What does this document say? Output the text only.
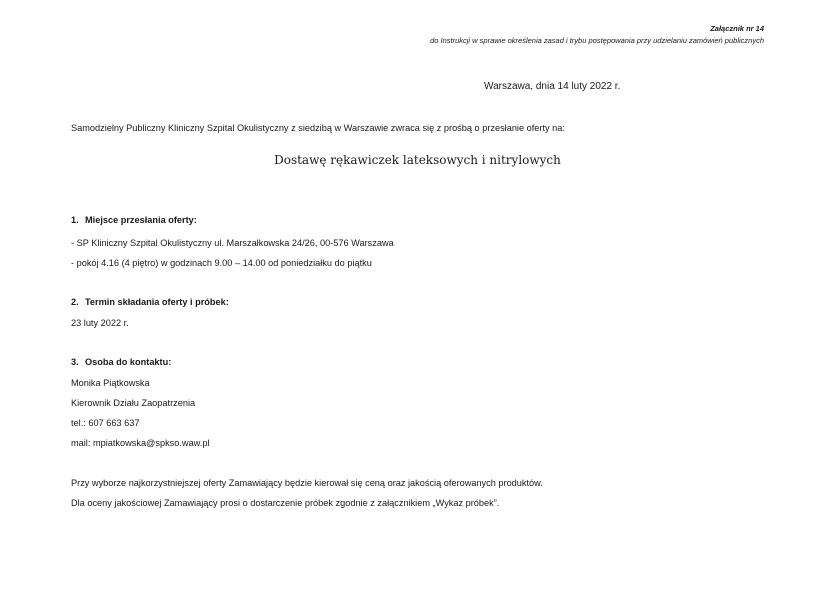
Załącznik nr 14
do Instrukcji w sprawie określenia zasad i trybu postępowania przy udzielaniu zamówień publicznych
Warszawa, dnia 14 luty 2022 r.
Samodzielny Publiczny Kliniczny Szpital Okulistyczny z siedzibą w Warszawie zwraca się z prośbą o przesłanie oferty na:
Dostawę rękawiczek lateksowych i nitrylowych
1. Miejsce przesłania oferty:
- SP Kliniczny Szpital Okulistyczny ul. Marszałkowska 24/26, 00-576 Warszawa
- pokój 4.16 (4 piętro) w godzinach 9.00 – 14.00 od poniedziałku do piątku
2. Termin składania oferty i próbek:
23 luty 2022 r.
3. Osoba do kontaktu:
Monika Piątkowska
Kierownik Działu Zaopatrzenia
tel.: 607 663 637
mail: mpiatkowska@spkso.waw.pl
Przy wyborze najkorzystniejszej oferty Zamawiający będzie kierował się ceną oraz jakością oferowanych produktów.
Dla oceny jakościowej Zamawiający prosi o dostarczenie próbek zgodnie z załącznikiem „Wykaz próbek”.
